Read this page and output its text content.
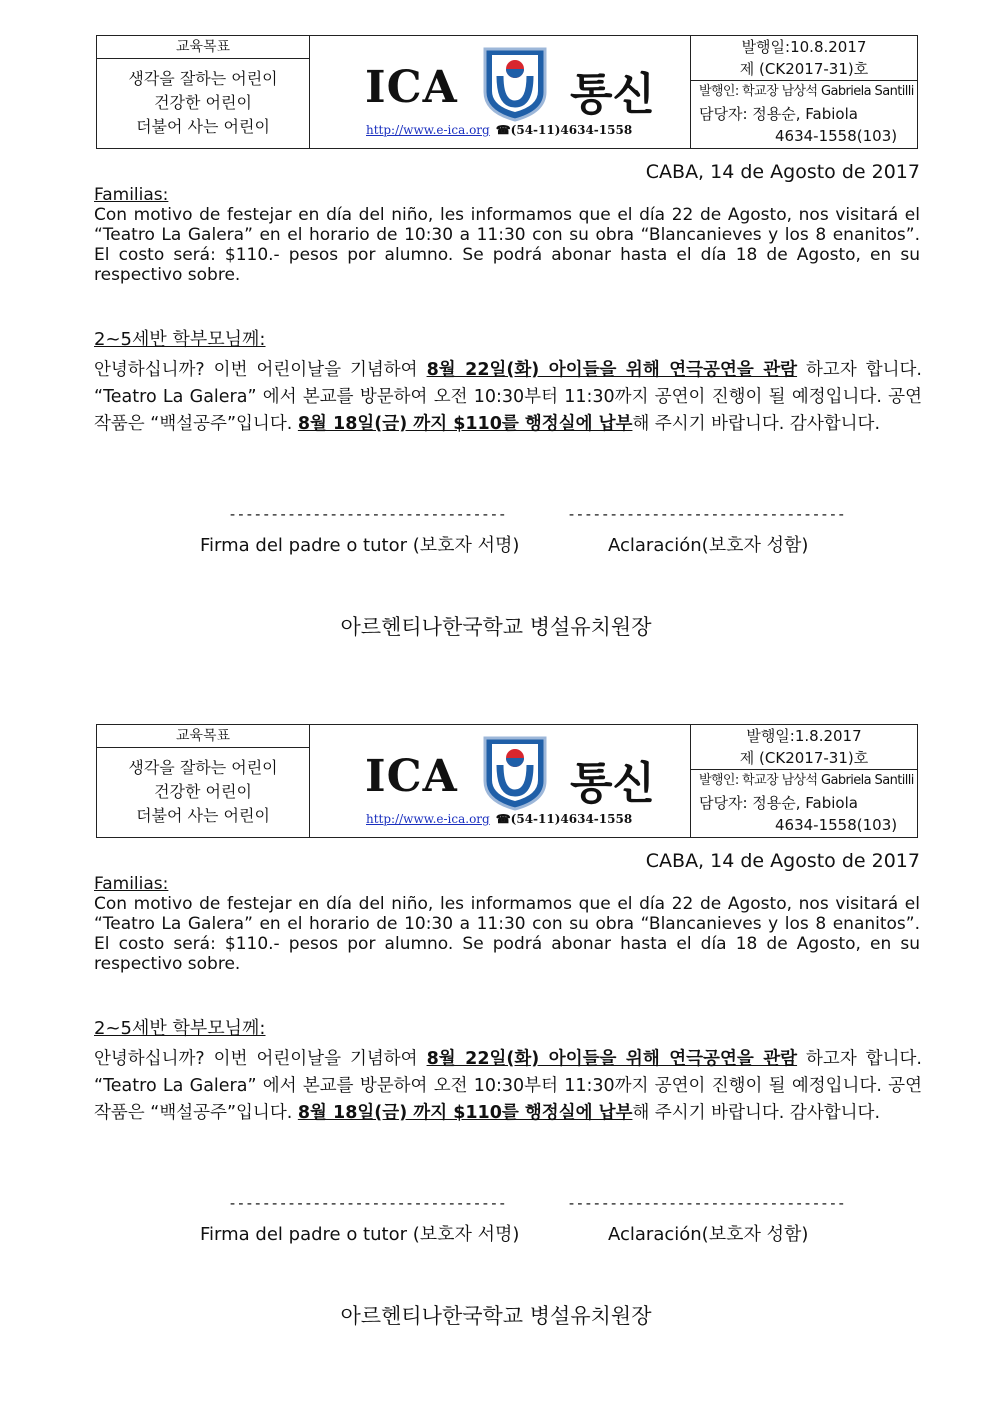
교육목표
생각을 잘하는 어린이
건강한 어린이
더불어 사는 어린이
ICA	통신
http://www.e-ica.org ☎(54-11)4634-1558
발행일:10.8.2017
제 (CK2017-31)호
발행인: 학교장 남상석 Gabriela Santilli
담당자: 정용순, Fabiola
4634-1558(103)
CABA, 14 de Agosto de 2017
Familias:

Con motivo de festejar en día del niño, les informamos que el día 22 de Agosto, nos visitará el “Teatro La Galera” en el horario de 10:30 a 11:30 con su obra “Blancanieves y los 8 enanitos”. El costo será: $110.- pesos por alumno. Se podrá abonar hasta el día 18 de Agosto, en su respectivo sobre.

2~5세반 학부모님께:
안녕하십니까? 이번 어린이날을 기념하여 8월 22일(화) 아이들을 위해 연극공연을 관람 하고자 합니다. “Teatro La Galera” 에서 본교를 방문하여 오전 10:30부터 11:30까지 공연이 진행이 될 예정입니다. 공연작품은 “백설공주”입니다. 8월 18일(금) 까지 $110를 행정실에 납부해 주시기 바랍니다. 감사합니다.
---------------------------------	---------------------------------
Firma del padre o tutor (보호자 서명)	Aclaración(보호자 성함)
아르헨티나한국학교 병설유치원장
교육목표
생각을 잘하는 어린이
건강한 어린이
더불어 사는 어린이
ICA	통신
http://www.e-ica.org ☎(54-11)4634-1558
발행일:1.8.2017
제 (CK2017-31)호
발행인: 학교장 남상석 Gabriela Santilli
담당자: 정용순, Fabiola
4634-1558(103)
CABA, 14 de Agosto de 2017
Familias:

Con motivo de festejar en día del niño, les informamos que el día 22 de Agosto, nos visitará el “Teatro La Galera” en el horario de 10:30 a 11:30 con su obra “Blancanieves y los 8 enanitos”. El costo será: $110.- pesos por alumno. Se podrá abonar hasta el día 18 de Agosto, en su respectivo sobre.

2~5세반 학부모님께:
안녕하십니까? 이번 어린이날을 기념하여 8월 22일(화) 아이들을 위해 연극공연을 관람 하고자 합니다. “Teatro La Galera” 에서 본교를 방문하여 오전 10:30부터 11:30까지 공연이 진행이 될 예정입니다. 공연작품은 “백설공주”입니다. 8월 18일(금) 까지 $110를 행정실에 납부해 주시기 바랍니다. 감사합니다.
---------------------------------	---------------------------------
Firma del padre o tutor (보호자 서명)	Aclaración(보호자 성함)
아르헨티나한국학교 병설유치원장
